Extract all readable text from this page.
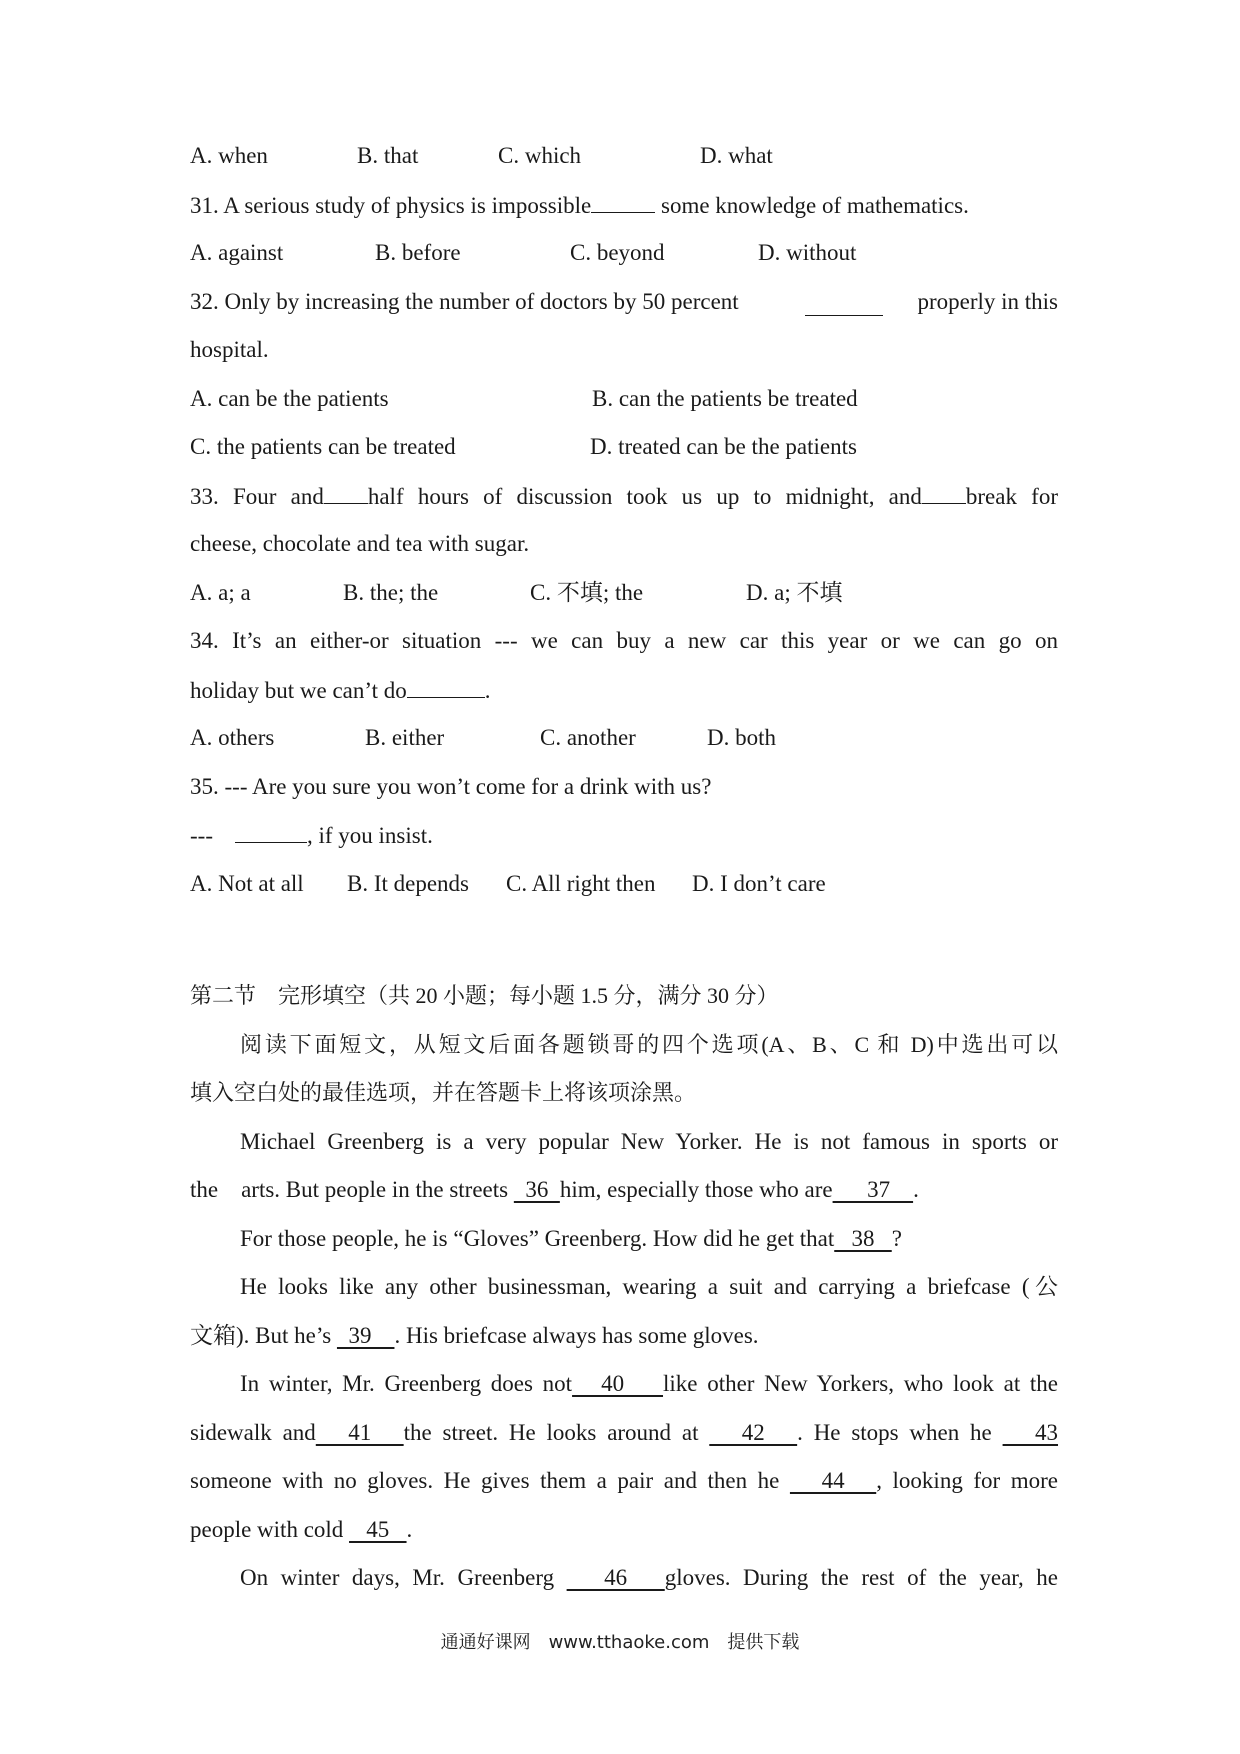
A. when	B. that	C. which	D. what
31. A serious study of physics is impossible	some knowledge of mathematics.
A. against	B. before	C. beyond	D. without
32. Only by increasing the number of doctors by 50 percent	properly in this
hospital.
A. can be the patients	B. can the patients be treated
C. the patients can be treated	D. treated can be the patients
33. Four and half hours of discussion took us up to midnight, and break for
cheese, chocolate and tea with sugar.
A. a; a	B. the; the	C. 不填; the	D. a; 不填
34. It’s an either-or situation --- we can buy a new car this year or we can go on
holiday but we can’t do	.
A. others	B. either	C. another	D. both
35. --- Are you sure you won’t come for a drink with us?
---	, if you insist.
A. Not at all B. It depends C. All right then D. I don’t care
第二节　完形填空（共 20 小题；每小题 1.5 分，满分 30 分）
阅读下面短文，从短文后面各题锁哥的四个选项(A、B、C 和 D)中选出可以
填入空白处的最佳选项，并在答题卡上将该项涂黑。
Michael Greenberg is a very popular New Yorker. He is not famous in sports or
the    arts. But people in the streets   36  him, especially those who are      37    .
For those people, he is “Gloves” Greenberg. How did he get that   38   ?
He looks like any other businessman, wearing a suit and carrying a briefcase (公
文箱). But he’s   39    . His briefcase always has some gloves.
In winter, Mr. Greenberg does not   40    like other New Yorkers, who look at the
sidewalk and   41   the street. He looks around at    42   . He stops when he    43
someone with no gloves. He gives them a pair and then he    44   , looking for more
people with cold    45   .
On winter days, Mr. Greenberg    46   gloves. During the rest of the year, he
通通好课网　www.tthaoke.com　提供下载
